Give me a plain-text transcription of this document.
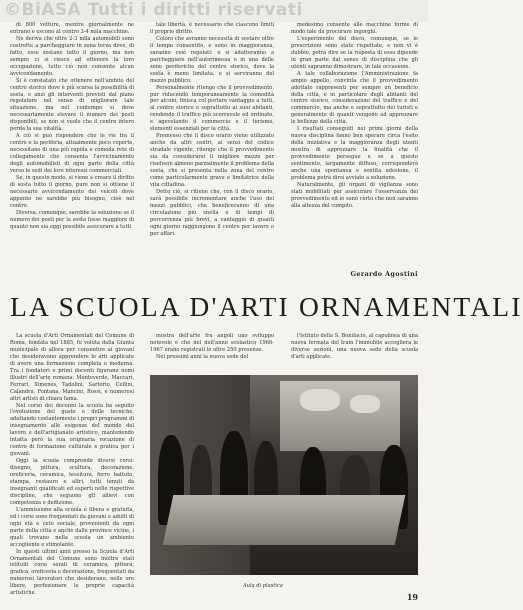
©BiASA Tutti i diritti riservati

di 800 vetture, mentre giornalmente ne entrano e escono al centro 3-4 mila macchine.

Ne deriva che oltre 2-3 mila automobili sono costrette a parcheggiare in zona terza dove, di fatto, esse sostano tutto il giorno, ma non sempre ci si riesce ad ottenere la loro occupazione, tutto ciò non consente alcun avvicendamento.

Si è constatato che ottenere nell'ambito del centro storico dove è più scarsa la possibilità di sosta, e anzi gli interventi previsti dal piano regolatore nel senso di migliorare tale situazione, ma nel contempo si deve necessariamente elevare il numero dei posti disponibili, se non si vuole che il centro intero perda la sua vitalità.

A ciò si può rispondere che le vie tra il centro e la periferia, attualmente poco coperte, necessitano di una più rapida e comoda rete di collegamento che consenta l'avvicinamento degli automobilisti di ogni parte della città verso le sedi dei loro interessi commerciali.

Se, in questo modo, si viene a creare il diritto di sosta tutto il giorno, pure non si ottiene il necessario avvicendamento dei veicoli dove appunto ne sarebbe più bisogno, cioè nel centro.

Diversa, comunque, sarebbe la soluzione se il numero dei posti per la sosta fosse maggiore di quanto non sia oggi possibile assicurare a tutti

tale libertà, è necessario che ciascuno limiti il proprio diritto.

Coloro che avranno necessità di sostare oltre il tempo consentito, e sono in maggioranza, saranno così regolati: o si adatteranno a parcheggiare nell'autorimessa o in una delle zone periferiche del centro storico, dove la sosta è meno limitata, o si serviranno del mezzo pubblico.

Personalmente ritengo che il provvedimento, pur riducendo temporaneamente la comodità per alcuni, finisca col portare vantaggio a tutti, al centro storico e soprattutto ai suoi abitanti, rendendo il traffico più scorrevole ed ordinato, e agevolando il commercio e il turismo, elementi essenziali per la città.

Premesso che il disco orario viene utilizzato anche da altri centri, ai sensi del codice stradale vigente, ritengo che il provvedimento sia da considerarsi il migliore mezzo per risolvere almeno parzialmente il problema della sosta, che si presenta nella zona del centro come particolarmente grave e limitatrice della vita cittadina.

Detto ciò, si ritiene che, con il disco orario, sarà possibile incrementare anche l'uso dei mezzi pubblici, che beneficeranno di una circolazione più snella e di tempi di percorrenza più brevi, a vantaggio di quanti ogni giorno raggiungono il centro per lavoro o per affari.

medesimo consente alle macchine forme di modo tale da procurare ingorghi.

L'esperimento del disco, comunque, se le prescrizioni sono state rispettate, e non vi è dubbio, potrà dire se la risposta di esso dipende in gran parte dal senso di disciplina che gli utenti sapranno dimostrare, in tale occasione.

A tale collaborazione l'Amministrazione fa ampio appello, convinta che il provvedimento adottato rappresenti per sempre un beneficio della città, e in particolare degli abitanti del centro storico, considerazioni del traffico e del commercio, ma anche e soprattutto dei turisti e generalmente di quanti vengono ad apprezzare le bellezze della città.

I risultati conseguiti nei primi giorni della nuova disciplina fanno ben sperare circa l'esito della iniziativa e la maggioranza degli utenti mostra di apprezzare la finalità che il provvedimento persegue e se a questo sentimento, largamente diffuso, corrisponderà anche una spontanea e sentita adesione, il problema potrà dirsi avviato a soluzione.

Naturalmente, gli organi di vigilanza sono stati mobilitati per assicurare l'osservanza del provvedimento ed io sono certo che non saranno alla altezza del compito.

Gerardo Agostini
LA SCUOLA D'ARTI ORNAMENTALI

La scuola d'Arti Ornamentali del Comune di Roma, fondata nel 1885, fu voluta dalla Giunta municipale di allora per consentire ai giovani che desideravano apprendere le arti applicate di avere una formazione completa e moderna. Tra i fondatori e primi docenti figurano nomi illustri dell'arte romana: Monteverde, Maccari, Ferrari, Ximenes, Tadolini, Sartorio, Cellini, Calandra, Fontana, Mancini, Rossi, e numerosi altri artisti di chiara fama.

Nel corso dei decenni la scuola ha seguito l'evoluzione del gusto e delle tecniche, adattando costantemente i propri programmi di insegnamento alle esigenze del mondo del lavoro e dell'artigianato artistico, mantenendo intatta però la sua originaria vocazione di centro di formazione culturale e pratica per i giovani.

Oggi la scuola comprende diversi corsi: disegno, pittura, scultura, decorazione, oreficeria, ceramica, tessitura, ferro battuto, stampa, restauro e altri, tutti tenuti da insegnanti qualificati ed esperti nelle rispettive discipline, che seguono gli allievi con competenza e dedizione.

L'ammissione alla scuola è libera e gratuita, ed i corsi sono frequentati da giovani e adulti di ogni età e ceto sociale, provenienti da ogni parte della città e anche dalle province vicine, i quali trovano nella scuola un ambiente accogliente e stimolante.

In questi ultimi anni presso la Scuola d'Arti Ornamentali del Comune sono inoltre stati istituiti corsi serali di ceramica, pittura, grafica, oreficeria e decorazione, frequentati da numerosi lavoratori che desiderano, nelle ore libere, perfezionare le proprie capacità artistiche.

mostra dell'arte fra angoli uno sviluppo notevole e che nel dell'anno scolastico 1966-1967 erano registrati le oltre 250 presenze.

Nei prossimi anni la nuova sede del

l'Istituto della S. Bonifacio, al capolinea di una nuova fermata del tram l'immobile accogliera le diverse sezioni, una nuova sede della scuola d'arti applicate.

Aula di plastica
19
